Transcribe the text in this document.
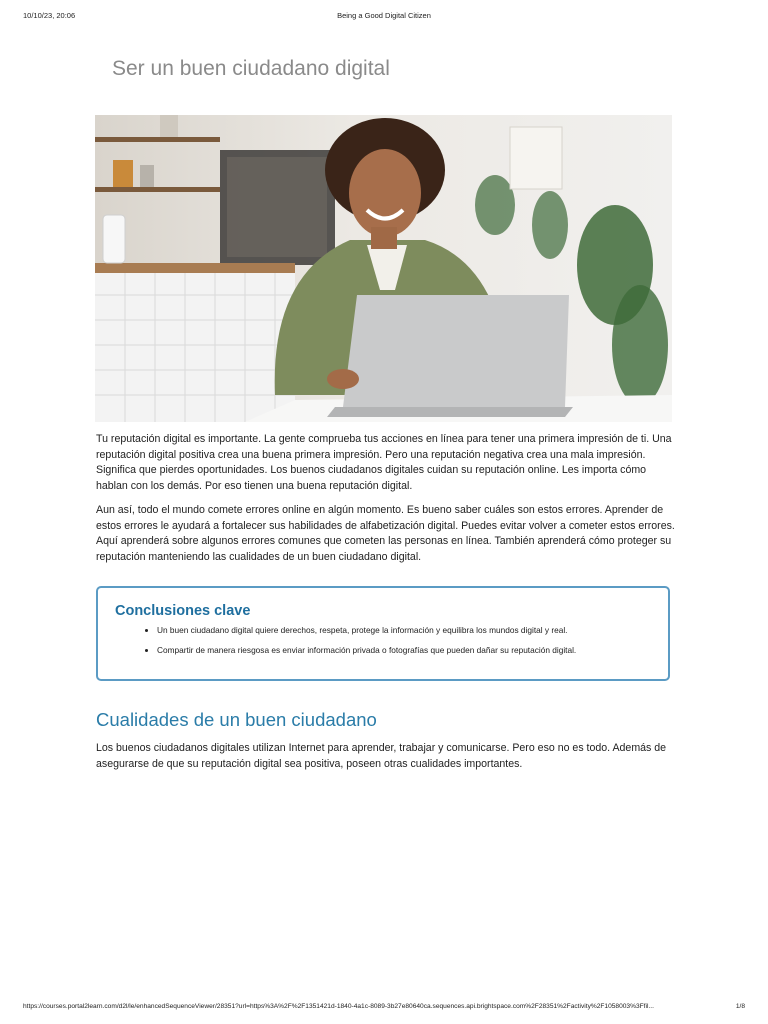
10/10/23, 20:06	Being a Good Digital Citizen
Ser un buen ciudadano digital

Tu reputación digital es importante. La gente comprueba tus acciones en línea para tener una primera impresión de ti. Una reputación digital positiva crea una buena primera impresión. Pero una reputación negativa crea una mala impresión. Significa que pierdes oportunidades. Los buenos ciudadanos digitales cuidan su reputación online. Les importa cómo hablan con los demás. Por eso tienen una buena reputación digital.

Aun así, todo el mundo comete errores online en algún momento. Es bueno saber cuáles son estos errores. Aprender de estos errores le ayudará a fortalecer sus habilidades de alfabetización digital. Puedes evitar volver a cometer estos errores. Aquí aprenderá sobre algunos errores comunes que cometen las personas en línea. También aprenderá cómo proteger su reputación manteniendo las cualidades de un buen ciudadano digital.

Conclusiones clave
• Un buen ciudadano digital quiere derechos, respeta, protege la información y equilibra los mundos digital y real.
• Compartir de manera riesgosa es enviar información privada o fotografías que pueden dañar su reputación digital.
Cualidades de un buen ciudadano

Los buenos ciudadanos digitales utilizan Internet para aprender, trabajar y comunicarse. Pero eso no es todo. Además de asegurarse de que su reputación digital sea positiva, poseen otras cualidades importantes.

https://courses.portal2learn.com/d2l/le/enhancedSequenceViewer/28351?url=https%3A%2F%2F1351421d-1840-4a1c-8089-3b27e80640ca.sequences.api.brightspace.com%2F28351%2Factivity%2F1058003%3Ffil...	1/8
